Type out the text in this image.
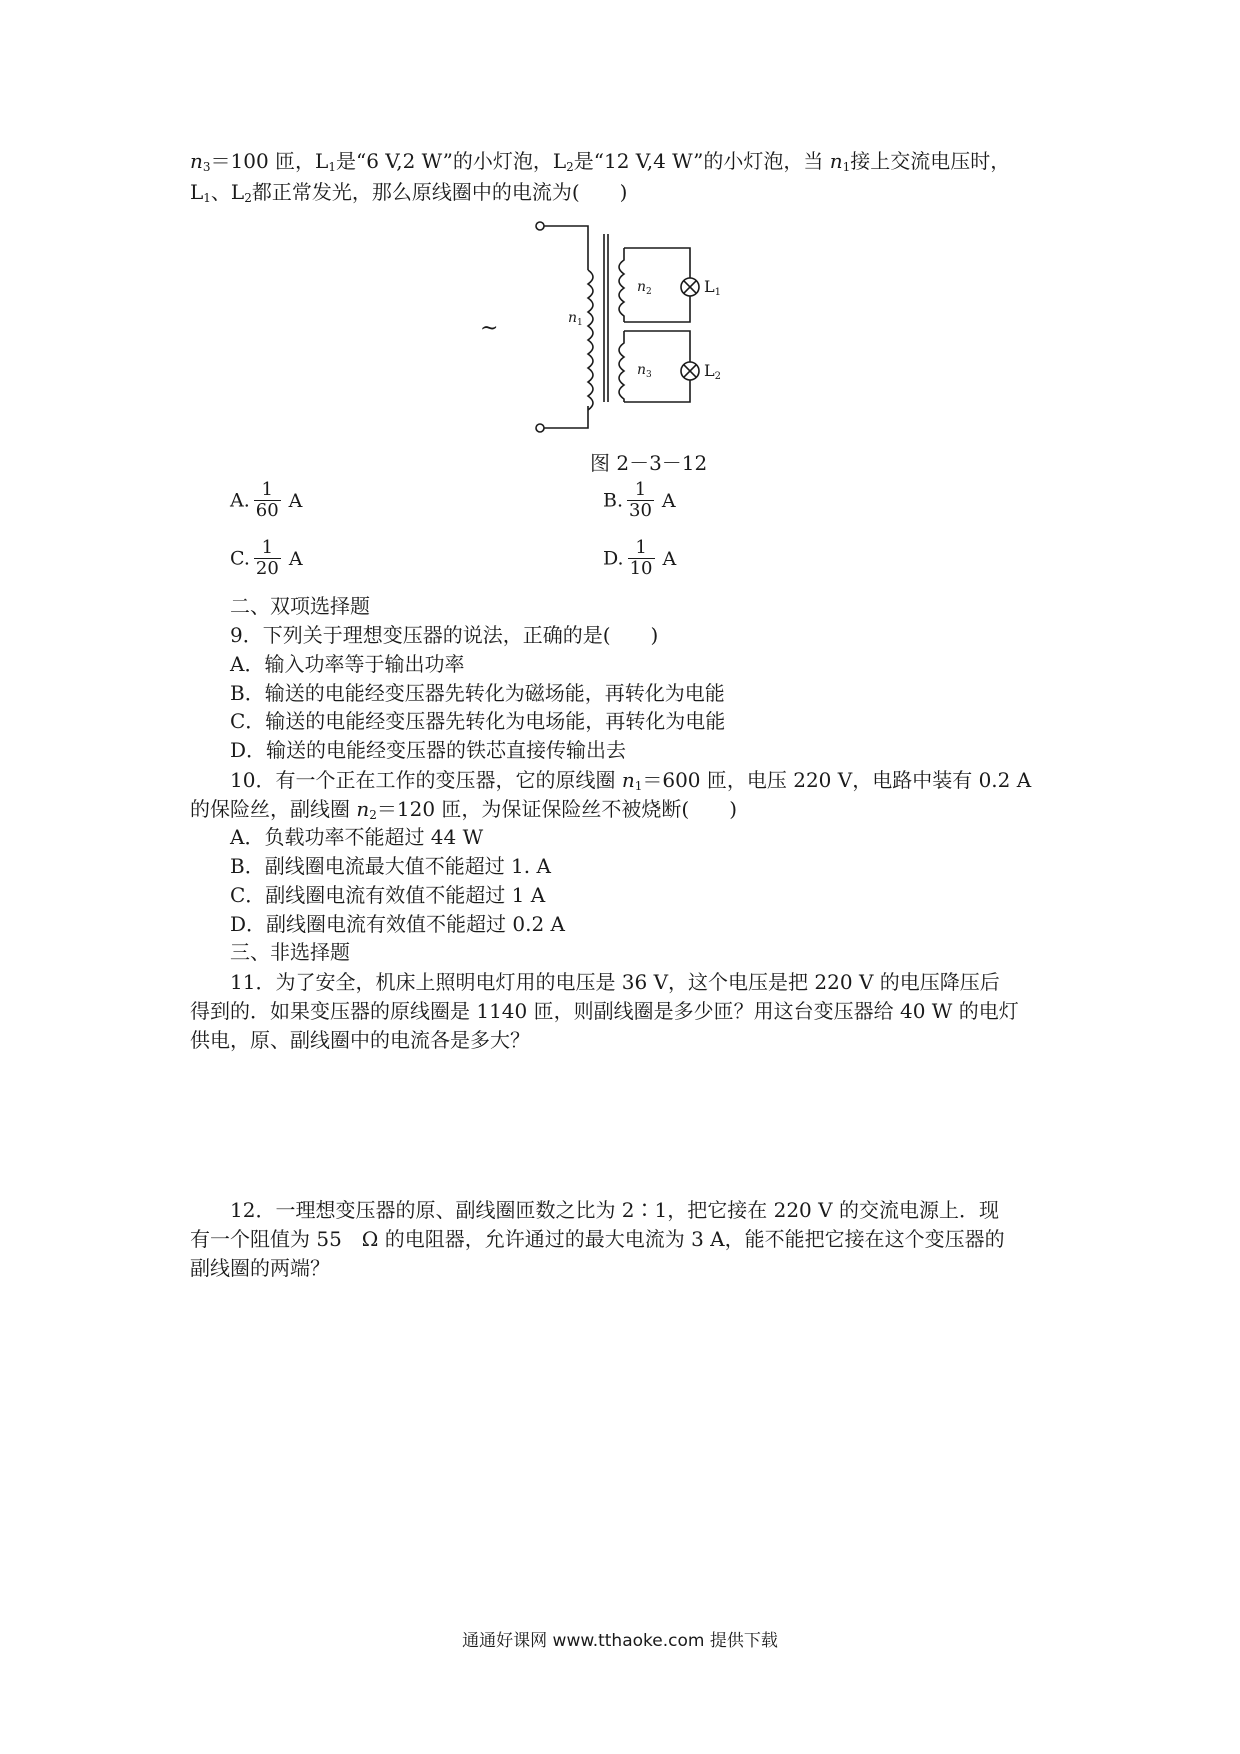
$n_3=100$ 匝，$L_1$是“6 V,2 W”的小灯泡，$L_2$是“12 V,4 W”的小灯泡，当 $n_1$接上交流电压时，
$L_1$、$L_2$都正常发光，那么原线圈中的电流为(　　)
~	$n_1$
$n_2$
$n_3$
L1
L2
图 2－3－12
A. $\frac{1}{60}$ A	B. $\frac{1}{30}$ A
C. $\frac{1}{20}$ A	D. $\frac{1}{10}$ A
二、双项选择题
9．下列关于理想变压器的说法，正确的是(　　)
A．输入功率等于输出功率
B．输送的电能经变压器先转化为磁场能，再转化为电能
C．输送的电能经变压器先转化为电场能，再转化为电能
D．输送的电能经变压器的铁芯直接传输出去
10．有一个正在工作的变压器，它的原线圈 $n_1=600$ 匝，电压 220 V，电路中装有 0.2 A
的保险丝，副线圈 $n_2=120$ 匝，为保证保险丝不被烧断(　　)
A．负载功率不能超过 44 W
B．副线圈电流最大值不能超过 1. A
C．副线圈电流有效值不能超过 1 A
D．副线圈电流有效值不能超过 0.2 A
三、非选择题
11．为了安全，机床上照明电灯用的电压是 36 V，这个电压是把 220 V 的电压降压后
得到的．如果变压器的原线圈是 1140 匝，则副线圈是多少匝？用这台变压器给 40 W 的电灯
供电，原、副线圈中的电流各是多大？
12．一理想变压器的原、副线圈匝数之比为 2∶1，把它接在 220 V 的交流电源上．现
有一个阻值为 55　Ω 的电阻器，允许通过的最大电流为 3 A，能不能把它接在这个变压器的
副线圈的两端？
通通好课网 www.tthaoke.com 提供下载
